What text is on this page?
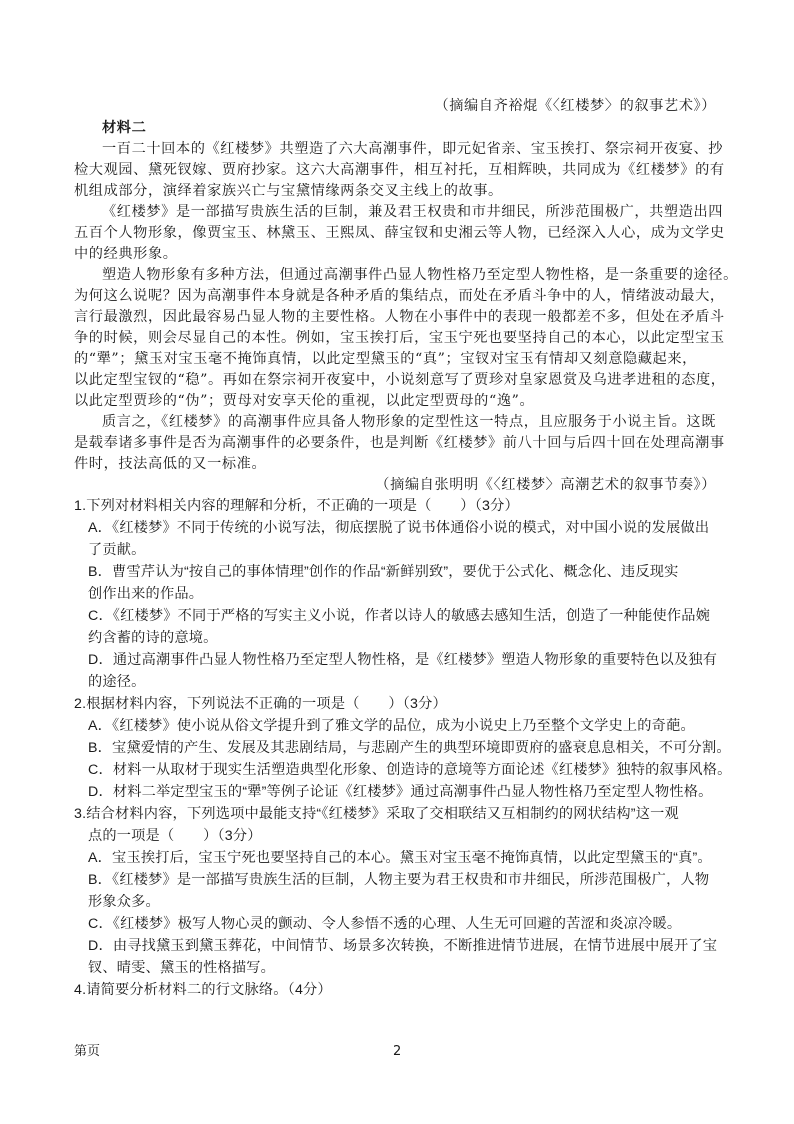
（摘编自齐裕焜《〈红楼梦〉的叙事艺术》）
材料二
一百二十回本的《红楼梦》共塑造了六大高潮事件，即元妃省亲、宝玉挨打、祭宗祠开夜宴、抄
检大观园、黛死钗嫁、贾府抄家。这六大高潮事件，相互衬托，互相辉映，共同成为《红楼梦》的有
机组成部分，演绎着家族兴亡与宝黛情缘两条交叉主线上的故事。
《红楼梦》是一部描写贵族生活的巨制，兼及君王权贵和市井细民，所涉范围极广，共塑造出四
五百个人物形象，像贾宝玉、林黛玉、王熙凤、薛宝钗和史湘云等人物，已经深入人心，成为文学史
中的经典形象。
塑造人物形象有多种方法，但通过高潮事件凸显人物性格乃至定型人物性格，是一条重要的途径。
为何这么说呢？因为高潮事件本身就是各种矛盾的集结点，而处在矛盾斗争中的人，情绪波动最大，
言行最激烈，因此最容易凸显人物的主要性格。人物在小事件中的表现一般都差不多，但处在矛盾斗
争的时候，则会尽显自己的本性。例如，宝玉挨打后，宝玉宁死也要坚持自己的本心，以此定型宝玉
的“犟”；黛玉对宝玉毫不掩饰真情，以此定型黛玉的“真”；宝钗对宝玉有情却又刻意隐藏起来，
以此定型宝钗的“稳”。再如在祭宗祠开夜宴中，小说刻意写了贾珍对皇家恩赏及乌进孝进租的态度，
以此定型贾珍的“伪”；贾母对安享天伦的重视，以此定型贾母的“逸”。
质言之，《红楼梦》的高潮事件应具备人物形象的定型性这一特点，且应服务于小说主旨。这既
是载奉诸多事件是否为高潮事件的必要条件，也是判断《红楼梦》前八十回与后四十回在处理高潮事
件时，技法高低的又一标准。
（摘编自张明明《〈红楼梦〉高潮艺术的叙事节奏》）
1.下列对材料相关内容的理解和分析，不正确的一项是（　　）（3分）
A．《红楼梦》不同于传统的小说写法，彻底摆脱了说书体通俗小说的模式，对中国小说的发展做出
了贡献。
B．曹雪芹认为“按自己的事体情理”创作的作品“新鲜别致”，要优于公式化、概念化、违反现实
创作出来的作品。
C．《红楼梦》不同于严格的写实主义小说，作者以诗人的敏感去感知生活，创造了一种能使作品婉
约含蓄的诗的意境。
D．通过高潮事件凸显人物性格乃至定型人物性格，是《红楼梦》塑造人物形象的重要特色以及独有
的途径。
2.根据材料内容，下列说法不正确的一项是（　　）（3分）
A．《红楼梦》使小说从俗文学提升到了雅文学的品位，成为小说史上乃至整个文学史上的奇葩。
B．宝黛爱情的产生、发展及其悲剧结局，与悲剧产生的典型环境即贾府的盛衰息息相关，不可分割。
C．材料一从取材于现实生活塑造典型化形象、创造诗的意境等方面论述《红楼梦》独特的叙事风格。
D．材料二举定型宝玉的“犟”等例子论证《红楼梦》通过高潮事件凸显人物性格乃至定型人物性格。
3.结合材料内容，下列选项中最能支持“《红楼梦》采取了交相联结又互相制约的网状结构”这一观
点的一项是（　　）（3分）
A．宝玉挨打后，宝玉宁死也要坚持自己的本心。黛玉对宝玉毫不掩饰真情，以此定型黛玉的“真”。
B．《红楼梦》是一部描写贵族生活的巨制，人物主要为君王权贵和市井细民，所涉范围极广，人物
形象众多。
C．《红楼梦》极写人物心灵的颤动、令人参悟不透的心理、人生无可回避的苦涩和炎凉冷暖。
D．由寻找黛玉到黛玉葬花，中间情节、场景多次转换，不断推进情节进展，在情节进展中展开了宝
钗、晴雯、黛玉的性格描写。
4.请简要分析材料二的行文脉络。（4分）
第页	2
